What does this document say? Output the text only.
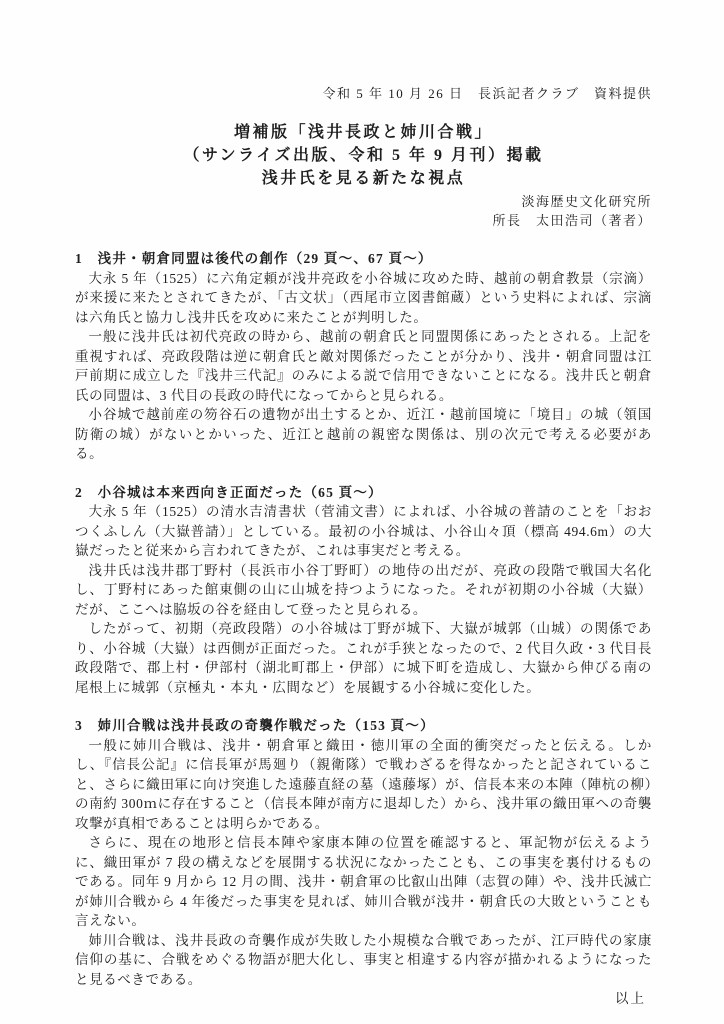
令和 5 年 10 月 26 日　長浜記者クラブ　資料提供
増補版「浅井長政と姉川合戦」
（サンライズ出版、令和 5 年 9 月刊）掲載
浅井氏を見る新たな視点
淡海歴史文化研究所
所長　太田浩司（著者）
1　浅井・朝倉同盟は後代の創作（29 頁～、67 頁～）

大永 5 年（1525）に六角定頼が浅井亮政を小谷城に攻めた時、越前の朝倉教景（宗滴）が来援に来たとされてきたが、「古文状」（西尾市立図書館蔵）という史料によれば、宗滴は六角氏と協力し浅井氏を攻めに来たことが判明した。

一般に浅井氏は初代亮政の時から、越前の朝倉氏と同盟関係にあったとされる。上記を重視すれば、亮政段階は逆に朝倉氏と敵対関係だったことが分かり、浅井・朝倉同盟は江戸前期に成立した『浅井三代記』のみによる説で信用できないことになる。浅井氏と朝倉氏の同盟は、3 代目の長政の時代になってからと見られる。

小谷城で越前産の笏谷石の遺物が出土するとか、近江・越前国境に「境目」の城（領国防衛の城）がないとかいった、近江と越前の親密な関係は、別の次元で考える必要がある。

2　小谷城は本来西向き正面だった（65 頁～）

大永 5 年（1525）の清水吉清書状（菅浦文書）によれば、小谷城の普請のことを「おおつくふしん（大嶽普請）」としている。最初の小谷城は、小谷山々頂（標高 494.6m）の大嶽だったと従来から言われてきたが、これは事実だと考える。

浅井氏は浅井郡丁野村（長浜市小谷丁野町）の地侍の出だが、亮政の段階で戦国大名化し、丁野村にあった館東側の山に山城を持つようになった。それが初期の小谷城（大嶽）だが、ここへは脇坂の谷を経由して登ったと見られる。

したがって、初期（亮政段階）の小谷城は丁野が城下、大嶽が城郭（山城）の関係であり、小谷城（大嶽）は西側が正面だった。これが手狭となったので、2 代目久政・3 代目長政段階で、郡上村・伊部村（湖北町郡上・伊部）に城下町を造成し、大嶽から伸びる南の尾根上に城郭（京極丸・本丸・広間など）を展観する小谷城に変化した。

3　姉川合戦は浅井長政の奇襲作戦だった（153 頁～）

一般に姉川合戦は、浅井・朝倉軍と織田・徳川軍の全面的衝突だったと伝える。しかし、『信長公記』に信長軍が馬廻り（親衛隊）で戦わざるを得なかったと記されていること、さらに織田軍に向け突進した遠藤直経の墓（遠藤塚）が、信長本来の本陣（陣杭の柳）の南約 300ｍに存在すること（信長本陣が南方に退却した）から、浅井軍の織田軍への奇襲攻撃が真相であることは明らかである。

さらに、現在の地形と信長本陣や家康本陣の位置を確認すると、軍記物が伝えるように、織田軍が 7 段の構えなどを展開する状況になかったことも、この事実を裏付けるものである。同年 9 月から 12 月の間、浅井・朝倉軍の比叡山出陣（志賀の陣）や、浅井氏滅亡が姉川合戦から 4 年後だった事実を見れば、姉川合戦が浅井・朝倉氏の大敗ということも言えない。

姉川合戦は、浅井長政の奇襲作成が失敗した小規模な合戦であったが、江戸時代の家康信仰の基に、合戦をめぐる物語が肥大化し、事実と相違する内容が描かれるようになったと見るべきである。

以上
